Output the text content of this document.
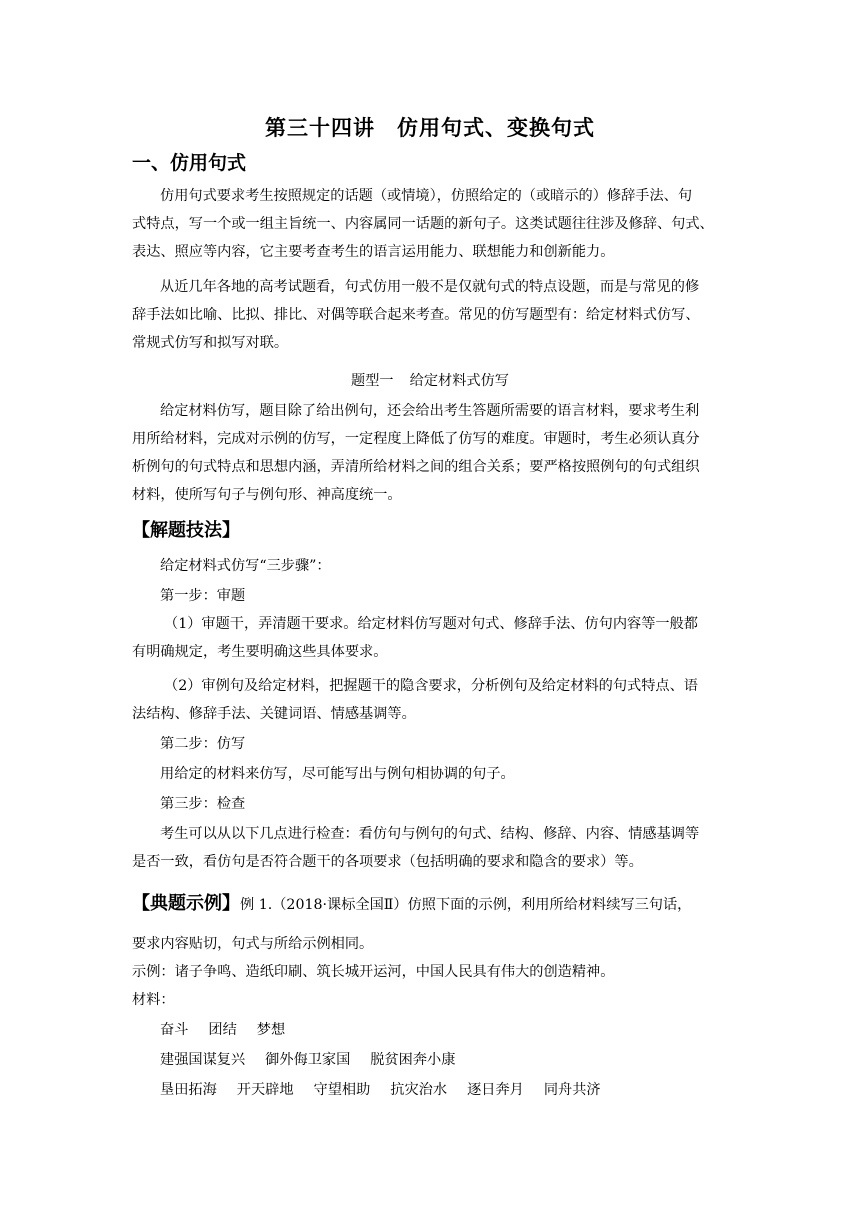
第三十四讲 仿用句式、变换句式
一、仿用句式

仿用句式要求考生按照规定的话题（或情境），仿照给定的（或暗示的）修辞手法、句

式特点，写一个或一组主旨统一、内容属同一话题的新句子。这类试题往往涉及修辞、句式、

表达、照应等内容，它主要考查考生的语言运用能力、联想能力和创新能力。

从近几年各地的高考试题看，句式仿用一般不是仅就句式的特点设题，而是与常见的修

辞手法如比喻、比拟、排比、对偶等联合起来考查。常见的仿写题型有：给定材料式仿写、

常规式仿写和拟写对联。

题型一 给定材料式仿写

给定材料仿写，题目除了给出例句，还会给出考生答题所需要的语言材料，要求考生利

用所给材料，完成对示例的仿写，一定程度上降低了仿写的难度。审题时，考生必须认真分

析例句的句式特点和思想内涵，弄清所给材料之间的组合关系；要严格按照例句的句式组织

材料，使所写句子与例句形、神高度统一。

【解题技法】

给定材料式仿写“三步骤”：

第一步：审题

（1）审题干，弄清题干要求。给定材料仿写题对句式、修辞手法、仿句内容等一般都

有明确规定，考生要明确这些具体要求。

（2）审例句及给定材料，把握题干的隐含要求，分析例句及给定材料的句式特点、语

法结构、修辞手法、关键词语、情感基调等。

第二步：仿写

用给定的材料来仿写，尽可能写出与例句相协调的句子。

第三步：检查

考生可以从以下几点进行检查：看仿句与例句的句式、结构、修辞、内容、情感基调等

是否一致，看仿句是否符合题干的各项要求（包括明确的要求和隐含的要求）等。

【典题示例】例 1.（2018·课标全国Ⅱ）仿照下面的示例，利用所给材料续写三句话，

要求内容贴切，句式与所给示例相同。

示例：诸子争鸣、造纸印刷、筑长城开运河，中国人民具有伟大的创造精神。

材料：

奋斗 团结 梦想

建强国谋复兴 御外侮卫家国 脱贫困奔小康

垦田拓海 开天辟地 守望相助 抗灾治水 逐日奔月 同舟共济
